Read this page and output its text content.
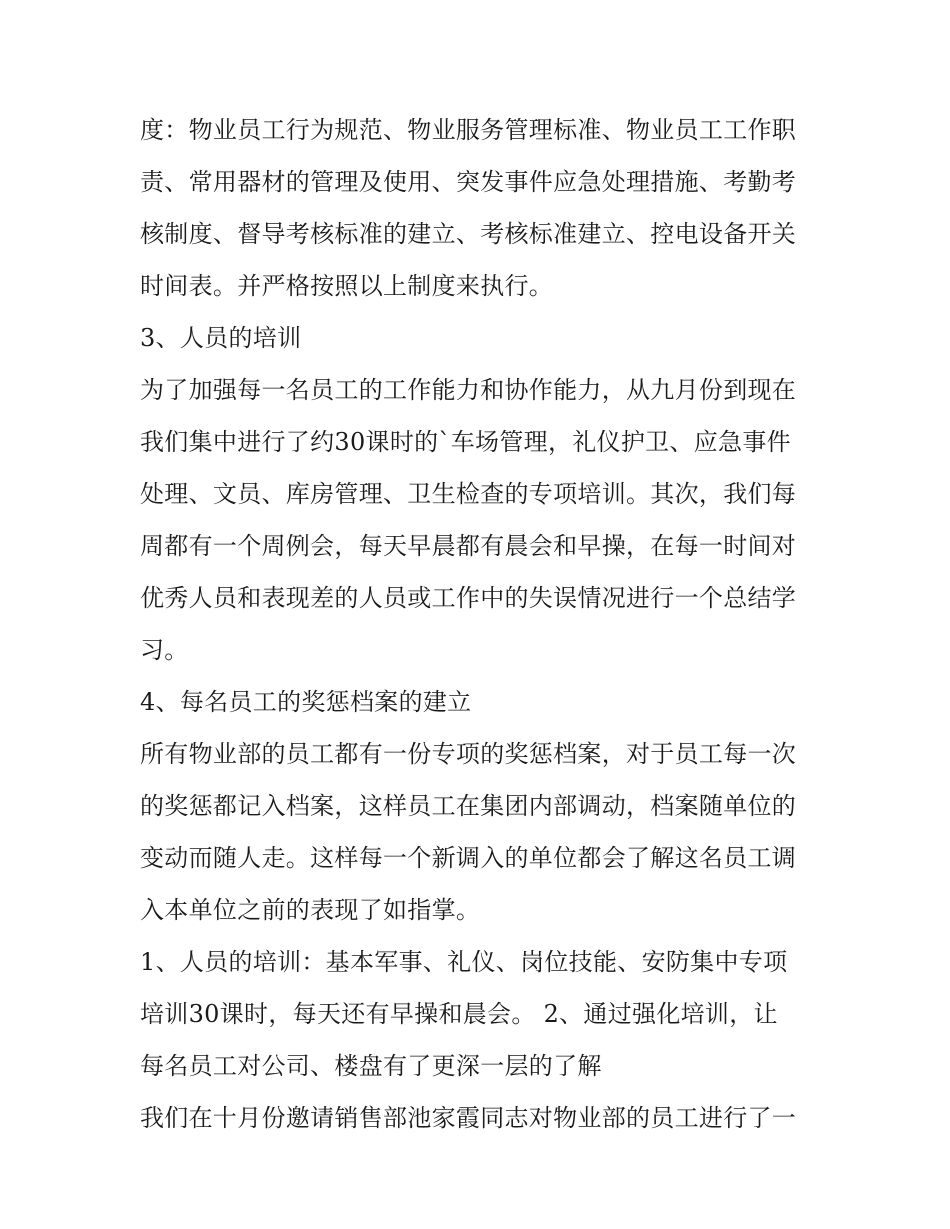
度：物业员工行为规范、物业服务管理标准、物业员工工作职
责、常用器材的管理及使用、突发事件应急处理措施、考勤考
核制度、督导考核标准的建立、考核标准建立、控电设备开关
时间表。并严格按照以上制度来执行。
3、人员的培训
为了加强每一名员工的工作能力和协作能力，从九月份到现在
我们集中进行了约30课时的`车场管理，礼仪护卫、应急事件
处理、文员、库房管理、卫生检查的专项培训。其次，我们每
周都有一个周例会，每天早晨都有晨会和早操，在每一时间对
优秀人员和表现差的人员或工作中的失误情况进行一个总结学
习。
4、每名员工的奖惩档案的建立
所有物业部的员工都有一份专项的奖惩档案，对于员工每一次
的奖惩都记入档案，这样员工在集团内部调动，档案随单位的
变动而随人走。这样每一个新调入的单位都会了解这名员工调
入本单位之前的表现了如指掌。
1、人员的培训：基本军事、礼仪、岗位技能、安防集中专项
培训30课时，每天还有早操和晨会。 2、通过强化培训，让
每名员工对公司、楼盘有了更深一层的了解
我们在十月份邀请销售部池家霞同志对物业部的员工进行了一
